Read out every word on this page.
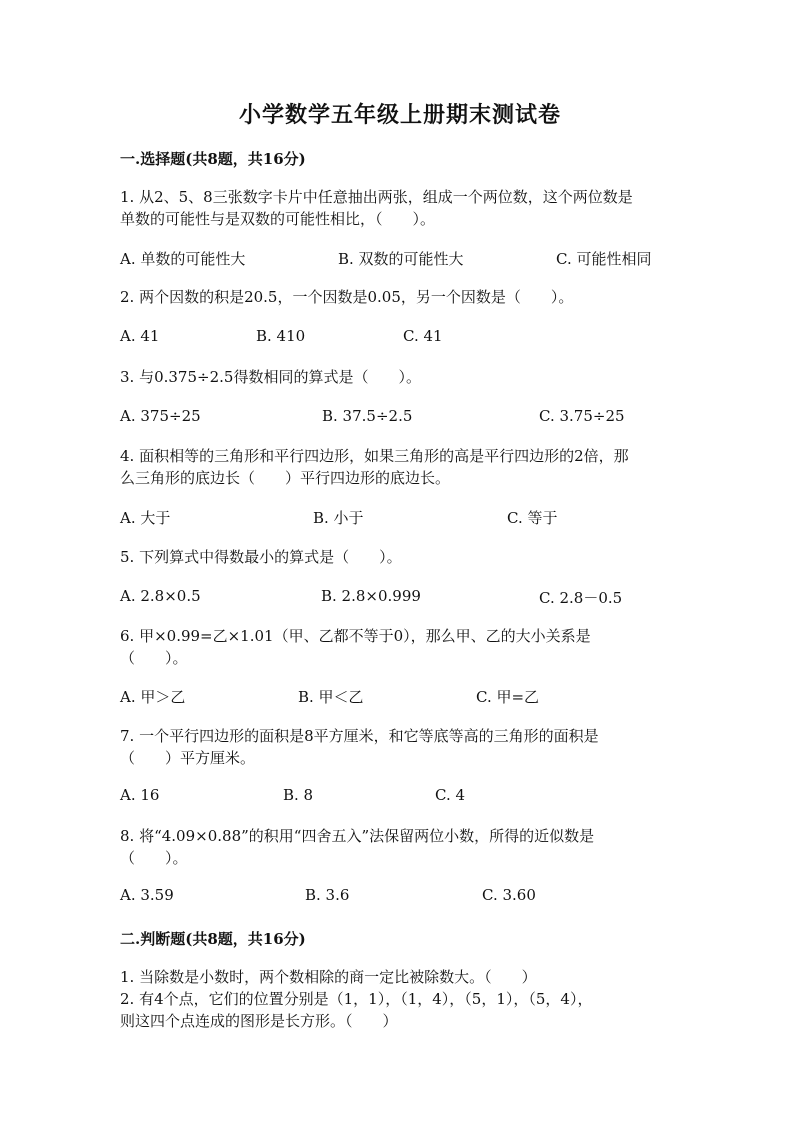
小学数学五年级上册期末测试卷
一.选择题(共8题，共16分)
1. 从2、5、8三张数字卡片中任意抽出两张，组成一个两位数，这个两位数是
单数的可能性与是双数的可能性相比，（　　）。
A. 单数的可能性大	B. 双数的可能性大	C. 可能性相同
2. 两个因数的积是20.5，一个因数是0.05，另一个因数是（　　）。
A. 41	B. 410	C. 41
3. 与0.375÷2.5得数相同的算式是（　　）。
A. 375÷25	B. 37.5÷2.5	C. 3.75÷25
4. 面积相等的三角形和平行四边形，如果三角形的高是平行四边形的2倍，那
么三角形的底边长（　　）平行四边形的底边长。
A. 大于	B. 小于	C. 等于
5. 下列算式中得数最小的算式是（　　）。
A. 2.8×0.5	B. 2.8×0.999	C. 2.8－0.5
6. 甲×0.99=乙×1.01（甲、乙都不等于0），那么甲、乙的大小关系是
（　　）。
A. 甲＞乙	B. 甲＜乙	C. 甲=乙
7. 一个平行四边形的面积是8平方厘米，和它等底等高的三角形的面积是
（　　）平方厘米。
A. 16	B. 8	C. 4
8. 将“4.09×0.88”的积用“四舍五入”法保留两位小数，所得的近似数是
（　　）。
A. 3.59	B. 3.6	C. 3.60
二.判断题(共8题，共16分)
1. 当除数是小数时，两个数相除的商一定比被除数大。（　　）
2. 有4个点，它们的位置分别是（1，1），（1，4），（5，1），（5，4），
则这四个点连成的图形是长方形。（　　）
